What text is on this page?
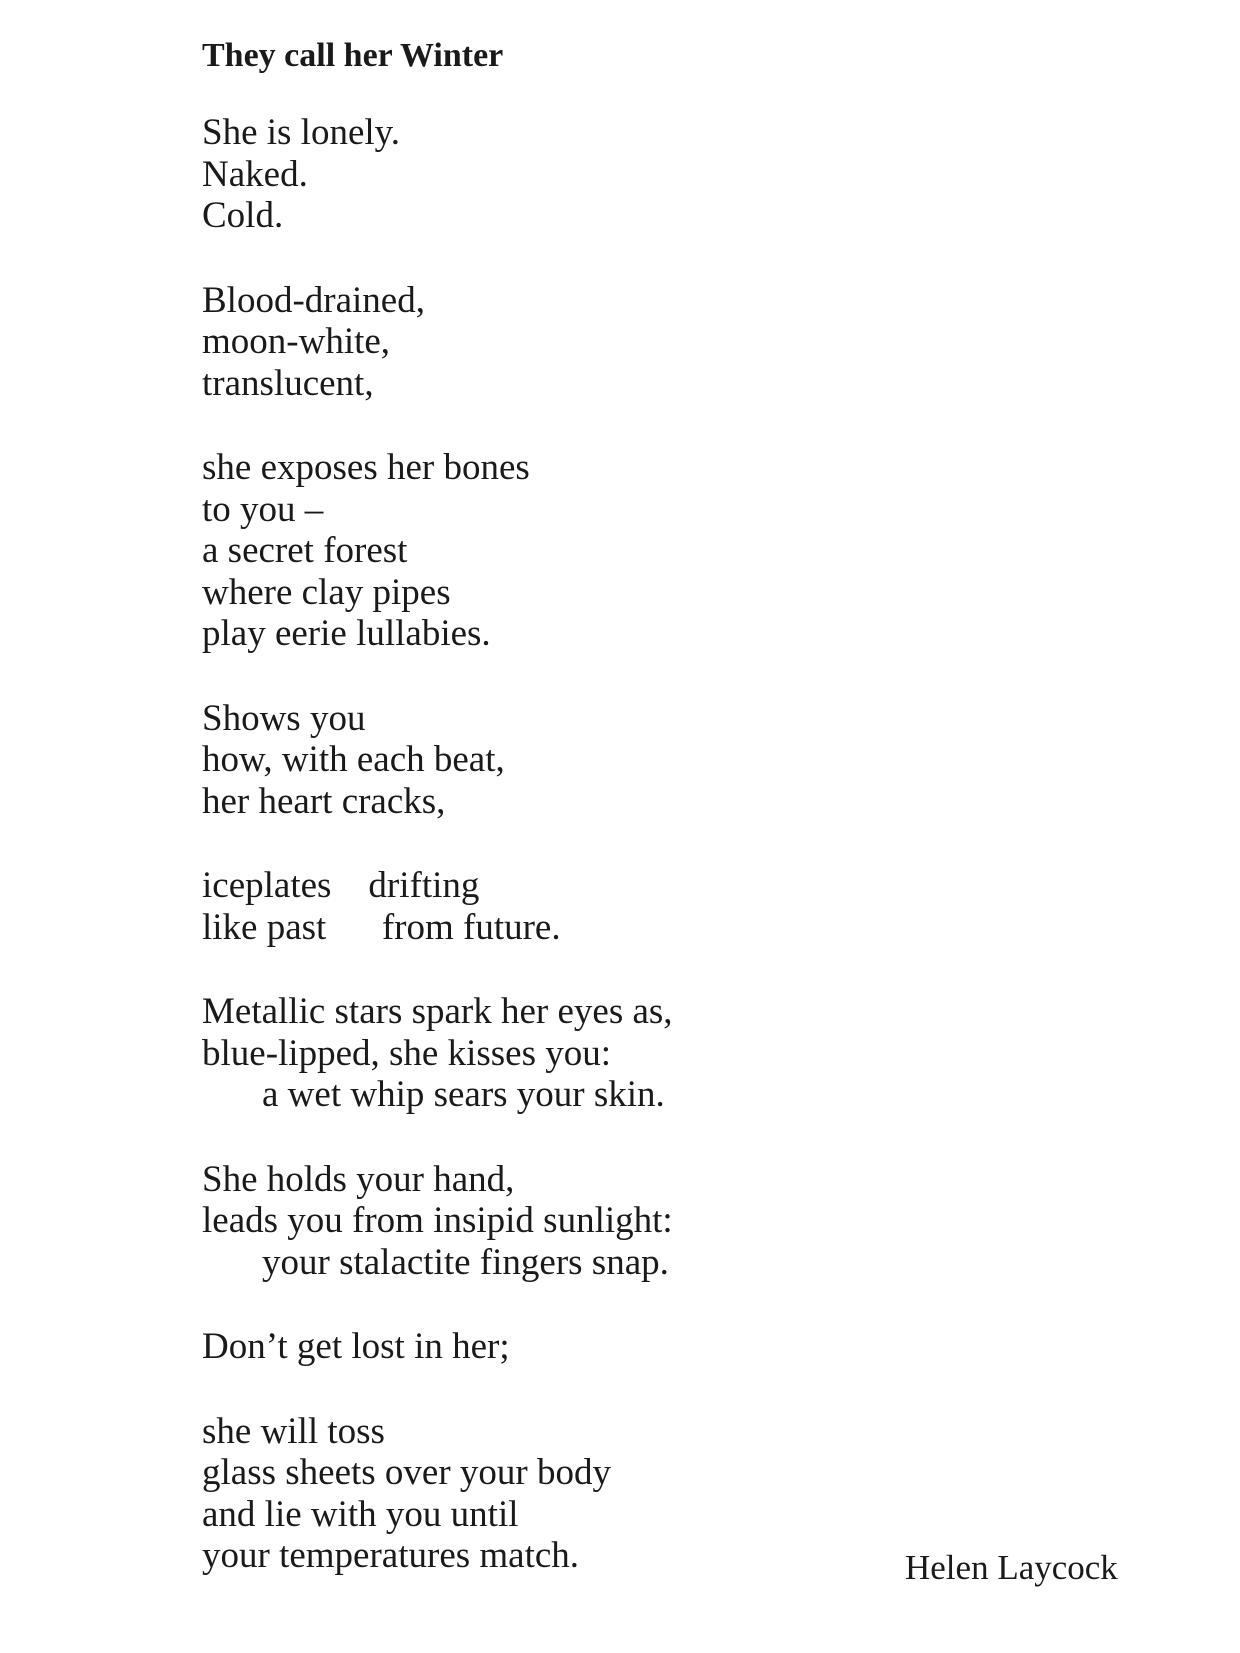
They call her Winter
She is lonely.
Naked.
Cold.
Blood-drained,
moon-white,
translucent,
she exposes her bones
to you –
a secret forest
where clay pipes
play eerie lullabies.
Shows you
how, with each beat,
her heart cracks,
iceplates    drifting
like past      from future.
Metallic stars spark her eyes as,
blue-lipped, she kisses you:
a wet whip sears your skin.
She holds your hand,
leads you from insipid sunlight:
your stalactite fingers snap.
Don’t get lost in her;
she will toss
glass sheets over your body
and lie with you until
your temperatures match.	Helen Laycock
